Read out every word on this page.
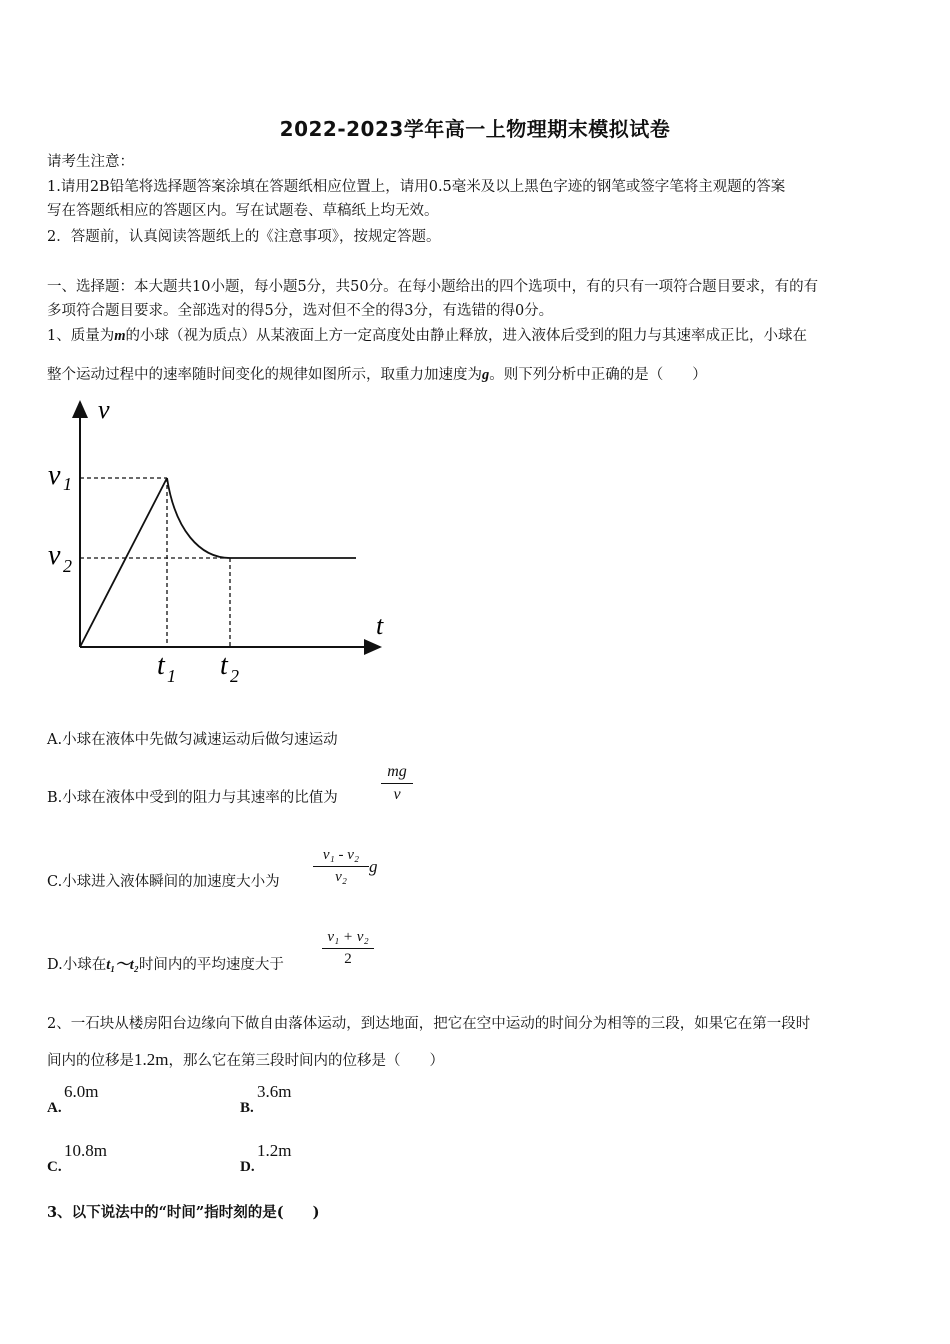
2022-2023学年高一上物理期末模拟试卷
请考生注意：
1.请用2B铅笔将选择题答案涂填在答题纸相应位置上，请用0.5毫米及以上黑色字迹的钢笔或签字笔将主观题的答案
写在答题纸相应的答题区内。写在试题卷、草稿纸上均无效。
2．答题前，认真阅读答题纸上的《注意事项》，按规定答题。
一、选择题：本大题共10小题，每小题5分，共50分。在每小题给出的四个选项中，有的只有一项符合题目要求，有的有
多项符合题目要求。全部选对的得5分，选对但不全的得3分，有选错的得0分。
1、质量为m的小球（视为质点）从某液面上方一定高度处由静止释放，进入液体后受到的阻力与其速率成正比，小球在
整个运动过程中的速率随时间变化的规律如图所示，取重力加速度为g。则下列分析中正确的是（　　）
v
t
v 1
v 2
t 1 t 2
A.小球在液体中先做匀减速运动后做匀速运动
B.小球在液体中受到的阻力与其速率的比值为
mg
v
C.小球进入液体瞬间的加速度大小为
v₁ - v₂
v₂
g
D.小球在t₁～t₂时间内的平均速度大于
v₁ + v₂
2
2、一石块从楼房阳台边缘向下做自由落体运动，到达地面，把它在空中运动的时间分为相等的三段，如果它在第一段时
间内的位移是1.2m，那么它在第三段时间内的位移是（　　）
A.
6.0m
B.
3.6m
C.
10.8m
D.
1.2m
3、以下说法中的“时间”指时刻的是(　　)
